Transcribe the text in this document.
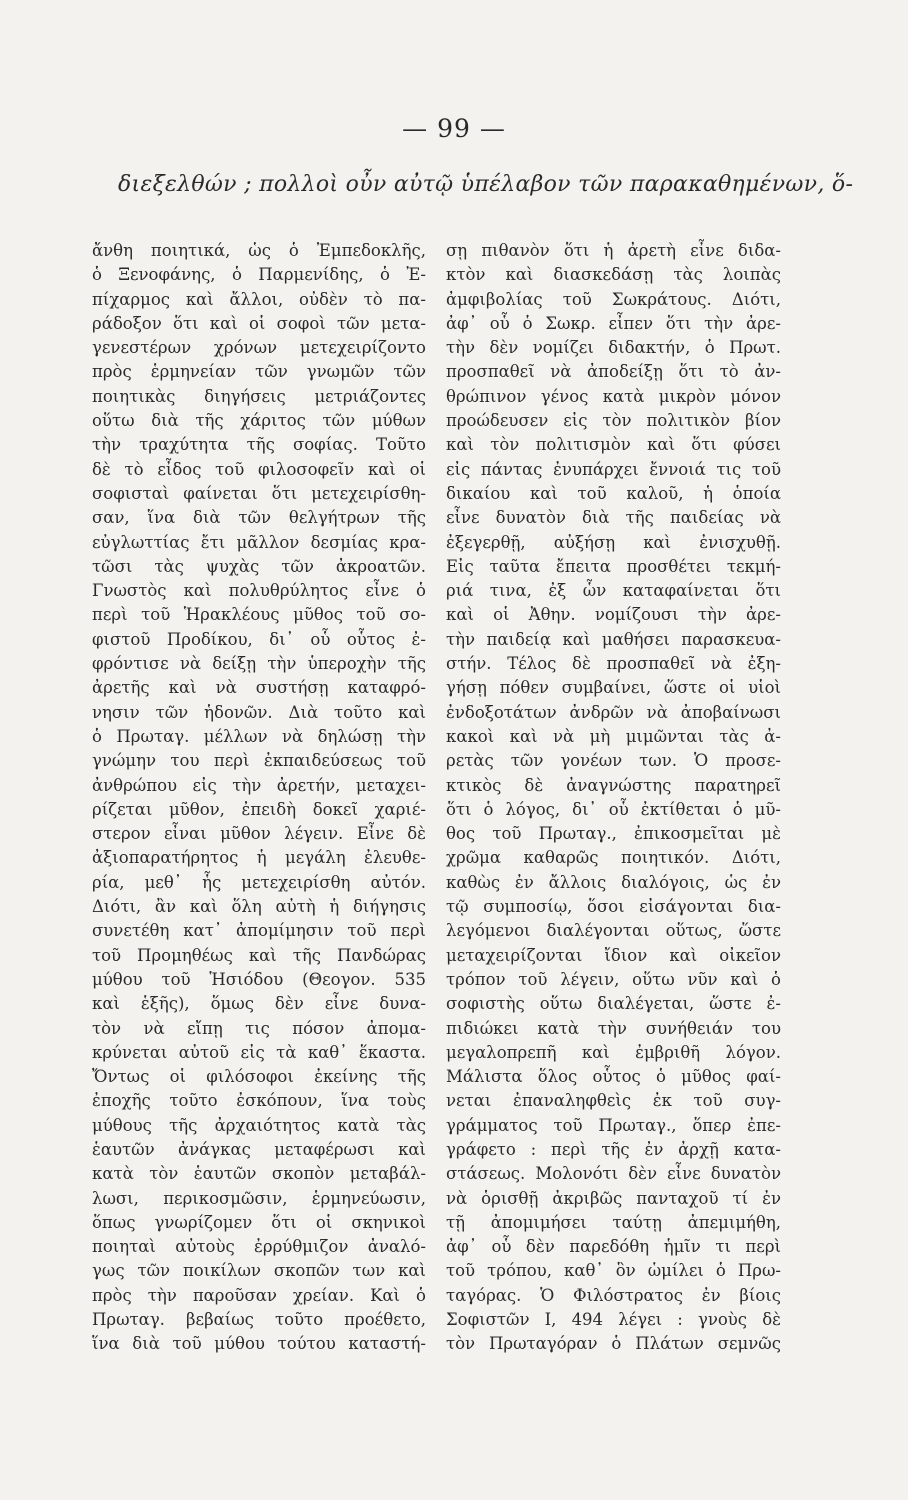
— 99 —
διεξελθών ; πολλοὶ οὖν αὐτῷ ὑπέλαβον τῶν παρακαθημένων, ὅ-
ἄνθη ποιητικά, ὡς ὁ Ἐμπεδοκλῆς,
ὁ Ξενοφάνης, ὁ Παρμενίδης, ὁ Ἐ-
πίχαρμος καὶ ἄλλοι, οὐδὲν τὸ πα-
ράδοξον ὅτι καὶ οἱ σοφοὶ τῶν μετα-
γενεστέρων χρόνων μετεχειρίζοντο
πρὸς ἑρμηνείαν τῶν γνωμῶν τῶν
ποιητικὰς διηγήσεις μετριάζοντες
οὕτω διὰ τῆς χάριτος τῶν μύθων
τὴν τραχύτητα τῆς σοφίας. Τοῦτο
δὲ τὸ εἶδος τοῦ φιλοσοφεῖν καὶ οἱ
σοφισταὶ φαίνεται ὅτι μετεχειρίσθη-
σαν, ἵνα διὰ τῶν θελγήτρων τῆς
εὐγλωττίας ἔτι μᾶλλον δεσμίας κρα-
τῶσι τὰς ψυχὰς τῶν ἀκροατῶν.
Γνωστὸς καὶ πολυθρύλητος εἶνε ὁ
περὶ τοῦ Ἡρακλέους μῦθος τοῦ σο-
φιστοῦ Προδίκου, δι᾽ οὗ οὗτος ἐ-
φρόντισε νὰ δείξῃ τὴν ὑπεροχὴν τῆς
ἀρετῆς καὶ νὰ συστήσῃ καταφρό-
νησιν τῶν ἡδονῶν. Διὰ τοῦτο καὶ
ὁ Πρωταγ. μέλλων νὰ δηλώσῃ τὴν
γνώμην του περὶ ἐκπαιδεύσεως τοῦ
ἀνθρώπου εἰς τὴν ἀρετήν, μεταχει-
ρίζεται μῦθον, ἐπειδὴ δοκεῖ χαριέ-
στερον εἶναι μῦθον λέγειν. Εἶνε δὲ
ἀξιοπαρατήρητος ἡ μεγάλη ἐλευθε-
ρία, μεθ᾽ ἧς μετεχειρίσθη αὐτόν.
Διότι, ἂν καὶ ὅλη αὐτὴ ἡ διήγησις
συνετέθη κατ᾽ ἀπομίμησιν τοῦ περὶ
τοῦ Προμηθέως καὶ τῆς Πανδώρας
μύθου τοῦ Ἡσιόδου (Θεογον. 535
καὶ ἑξῆς), ὅμως δὲν εἶνε δυνα-
τὸν νὰ εἴπῃ τις πόσον ἀπομα-
κρύνεται αὐτοῦ εἰς τὰ καθ᾽ ἕκαστα.
Ὄντως οἱ φιλόσοφοι ἐκείνης τῆς
ἐποχῆς τοῦτο ἐσκόπουν, ἵνα τοὺς
μύθους τῆς ἀρχαιότητος κατὰ τὰς
ἑαυτῶν ἀνάγκας μεταφέρωσι καὶ
κατὰ τὸν ἑαυτῶν σκοπὸν μεταβάλ-
λωσι, περικοσμῶσιν, ἑρμηνεύωσιν,
ὅπως γνωρίζομεν ὅτι οἱ σκηνικοὶ
ποιηταὶ αὐτοὺς ἐρρύθμιζον ἀναλό-
γως τῶν ποικίλων σκοπῶν των καὶ
πρὸς τὴν παροῦσαν χρείαν. Καὶ ὁ
Πρωταγ. βεβαίως τοῦτο προέθετο,
ἵνα διὰ τοῦ μύθου τούτου καταστή-
σῃ πιθανὸν ὅτι ἡ ἀρετὴ εἶνε διδα-
κτὸν καὶ διασκεδάσῃ τὰς λοιπὰς
ἀμφιβολίας τοῦ Σωκράτους. Διότι,
ἀφ᾽ οὗ ὁ Σωκρ. εἶπεν ὅτι τὴν ἀρε-
τὴν δὲν νομίζει διδακτήν, ὁ Πρωτ.
προσπαθεῖ νὰ ἀποδείξῃ ὅτι τὸ ἀν-
θρώπινον γένος κατὰ μικρὸν μόνον
προώδευσεν εἰς τὸν πολιτικὸν βίον
καὶ τὸν πολιτισμὸν καὶ ὅτι φύσει
εἰς πάντας ἐνυπάρχει ἔννοιά τις τοῦ
δικαίου καὶ τοῦ καλοῦ, ἡ ὁποία
εἶνε δυνατὸν διὰ τῆς παιδείας νὰ
ἐξεγερθῇ, αὐξήσῃ καὶ ἐνισχυθῇ.
Εἰς ταῦτα ἔπειτα προσθέτει τεκμή-
ριά τινα, ἐξ ὧν καταφαίνεται ὅτι
καὶ οἱ Ἀθην. νομίζουσι τὴν ἀρε-
τὴν παιδείᾳ καὶ μαθήσει παρασκευα-
στήν. Τέλος δὲ προσπαθεῖ νὰ ἐξη-
γήσῃ πόθεν συμβαίνει, ὥστε οἱ υἱοὶ
ἐνδοξοτάτων ἀνδρῶν νὰ ἀποβαίνωσι
κακοὶ καὶ νὰ μὴ μιμῶνται τὰς ἀ-
ρετὰς τῶν γονέων των. Ὁ προσε-
κτικὸς δὲ ἀναγνώστης παρατηρεῖ
ὅτι ὁ λόγος, δι᾽ οὗ ἐκτίθεται ὁ μῦ-
θος τοῦ Πρωταγ., ἐπικοσμεῖται μὲ
χρῶμα καθαρῶς ποιητικόν. Διότι,
καθὼς ἐν ἄλλοις διαλόγοις, ὡς ἐν
τῷ συμποσίῳ, ὅσοι εἰσάγονται δια-
λεγόμενοι διαλέγονται οὕτως, ὥστε
μεταχειρίζονται ἴδιον καὶ οἰκεῖον
τρόπον τοῦ λέγειν, οὕτω νῦν καὶ ὁ
σοφιστὴς οὕτω διαλέγεται, ὥστε ἐ-
πιδιώκει κατὰ τὴν συνήθειάν του
μεγαλοπρεπῆ καὶ ἐμβριθῆ λόγον.
Μάλιστα ὅλος οὗτος ὁ μῦθος φαί-
νεται ἐπαναληφθεὶς ἐκ τοῦ συγ-
γράμματος τοῦ Πρωταγ., ὅπερ ἐπε-
γράφετο : περὶ τῆς ἐν ἀρχῇ κατα-
στάσεως. Μολονότι δὲν εἶνε δυνατὸν
νὰ ὁρισθῇ ἀκριβῶς πανταχοῦ τί ἐν
τῇ ἀπομιμήσει ταύτῃ ἀπεμιμήθη,
ἀφ᾽ οὗ δὲν παρεδόθη ἡμῖν τι περὶ
τοῦ τρόπου, καθ᾽ ὃν ὡμίλει ὁ Πρω-
ταγόρας. Ὁ Φιλόστρατος ἐν βίοις
Σοφιστῶν Ι, 494 λέγει : γνοὺς δὲ
τὸν Πρωταγόραν ὁ Πλάτων σεμνῶς
